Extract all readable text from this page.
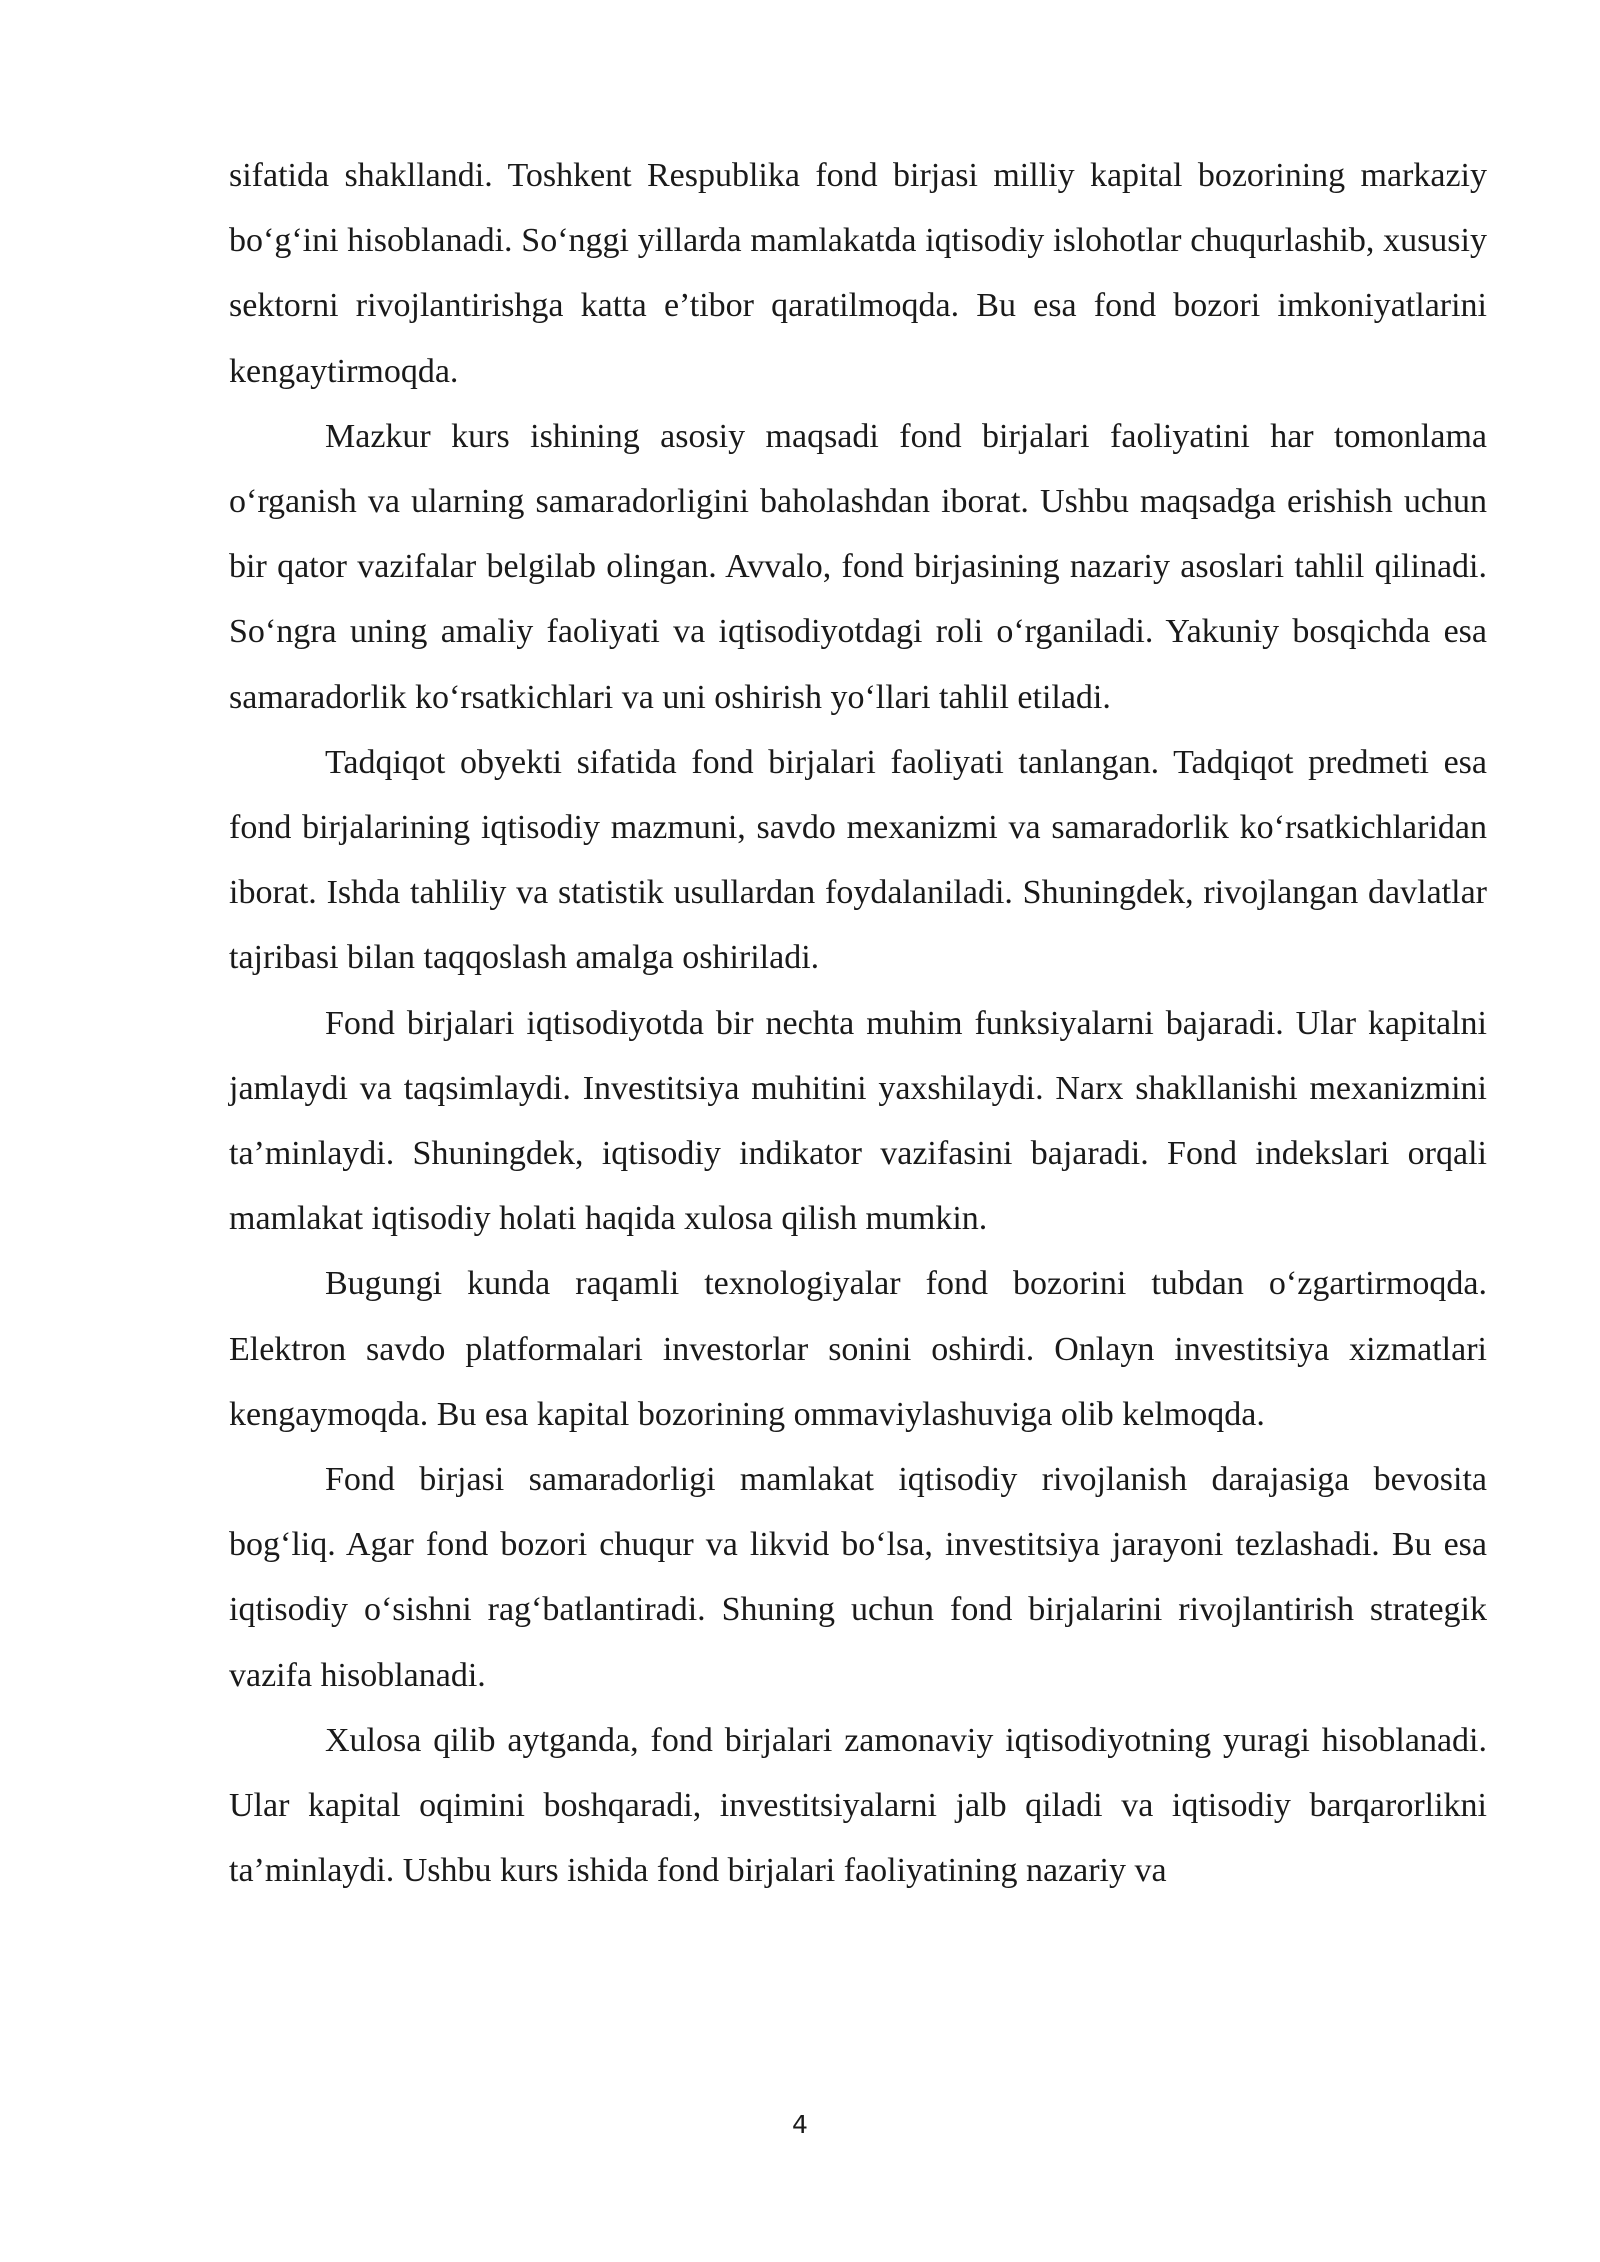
sifatida shakllandi. Toshkent Respublika fond birjasi milliy kapital bozorining markaziy bo‘g‘ini hisoblanadi. So‘nggi yillarda mamlakatda iqtisodiy islohotlar chuqurlashib, xususiy sektorni rivojlantirishga katta e’tibor qaratilmoqda. Bu esa fond bozori imkoniyatlarini kengaytirmoqda.

Mazkur kurs ishining asosiy maqsadi fond birjalari faoliyatini har tomonlama o‘rganish va ularning samaradorligini baholashdan iborat. Ushbu maqsadga erishish uchun bir qator vazifalar belgilab olingan. Avvalo, fond birjasining nazariy asoslari tahlil qilinadi. So‘ngra uning amaliy faoliyati va iqtisodiyotdagi roli o‘rganiladi. Yakuniy bosqichda esa samaradorlik ko‘rsatkichlari va uni oshirish yo‘llari tahlil etiladi.

Tadqiqot obyekti sifatida fond birjalari faoliyati tanlangan. Tadqiqot predmeti esa fond birjalarining iqtisodiy mazmuni, savdo mexanizmi va samaradorlik ko‘rsatkichlaridan iborat. Ishda tahliliy va statistik usullardan foydalaniladi. Shuningdek, rivojlangan davlatlar tajribasi bilan taqqoslash amalga oshiriladi.

Fond birjalari iqtisodiyotda bir nechta muhim funksiyalarni bajaradi. Ular kapitalni jamlaydi va taqsimlaydi. Investitsiya muhitini yaxshilaydi. Narx shakllanishi mexanizmini ta’minlaydi. Shuningdek, iqtisodiy indikator vazifasini bajaradi. Fond indekslari orqali mamlakat iqtisodiy holati haqida xulosa qilish mumkin.

Bugungi kunda raqamli texnologiyalar fond bozorini tubdan o‘zgartirmoqda. Elektron savdo platformalari investorlar sonini oshirdi. Onlayn investitsiya xizmatlari kengaymoqda. Bu esa kapital bozorining ommaviylashuviga olib kelmoqda.

Fond birjasi samaradorligi mamlakat iqtisodiy rivojlanish darajasiga bevosita bog‘liq. Agar fond bozori chuqur va likvid bo‘lsa, investitsiya jarayoni tezlashadi. Bu esa iqtisodiy o‘sishni rag‘batlantiradi. Shuning uchun fond birjalarini rivojlantirish strategik vazifa hisoblanadi.

Xulosa qilib aytganda, fond birjalari zamonaviy iqtisodiyotning yuragi hisoblanadi. Ular kapital oqimini boshqaradi, investitsiyalarni jalb qiladi va iqtisodiy barqarorlikni ta’minlaydi. Ushbu kurs ishida fond birjalari faoliyatining nazariy va

4
